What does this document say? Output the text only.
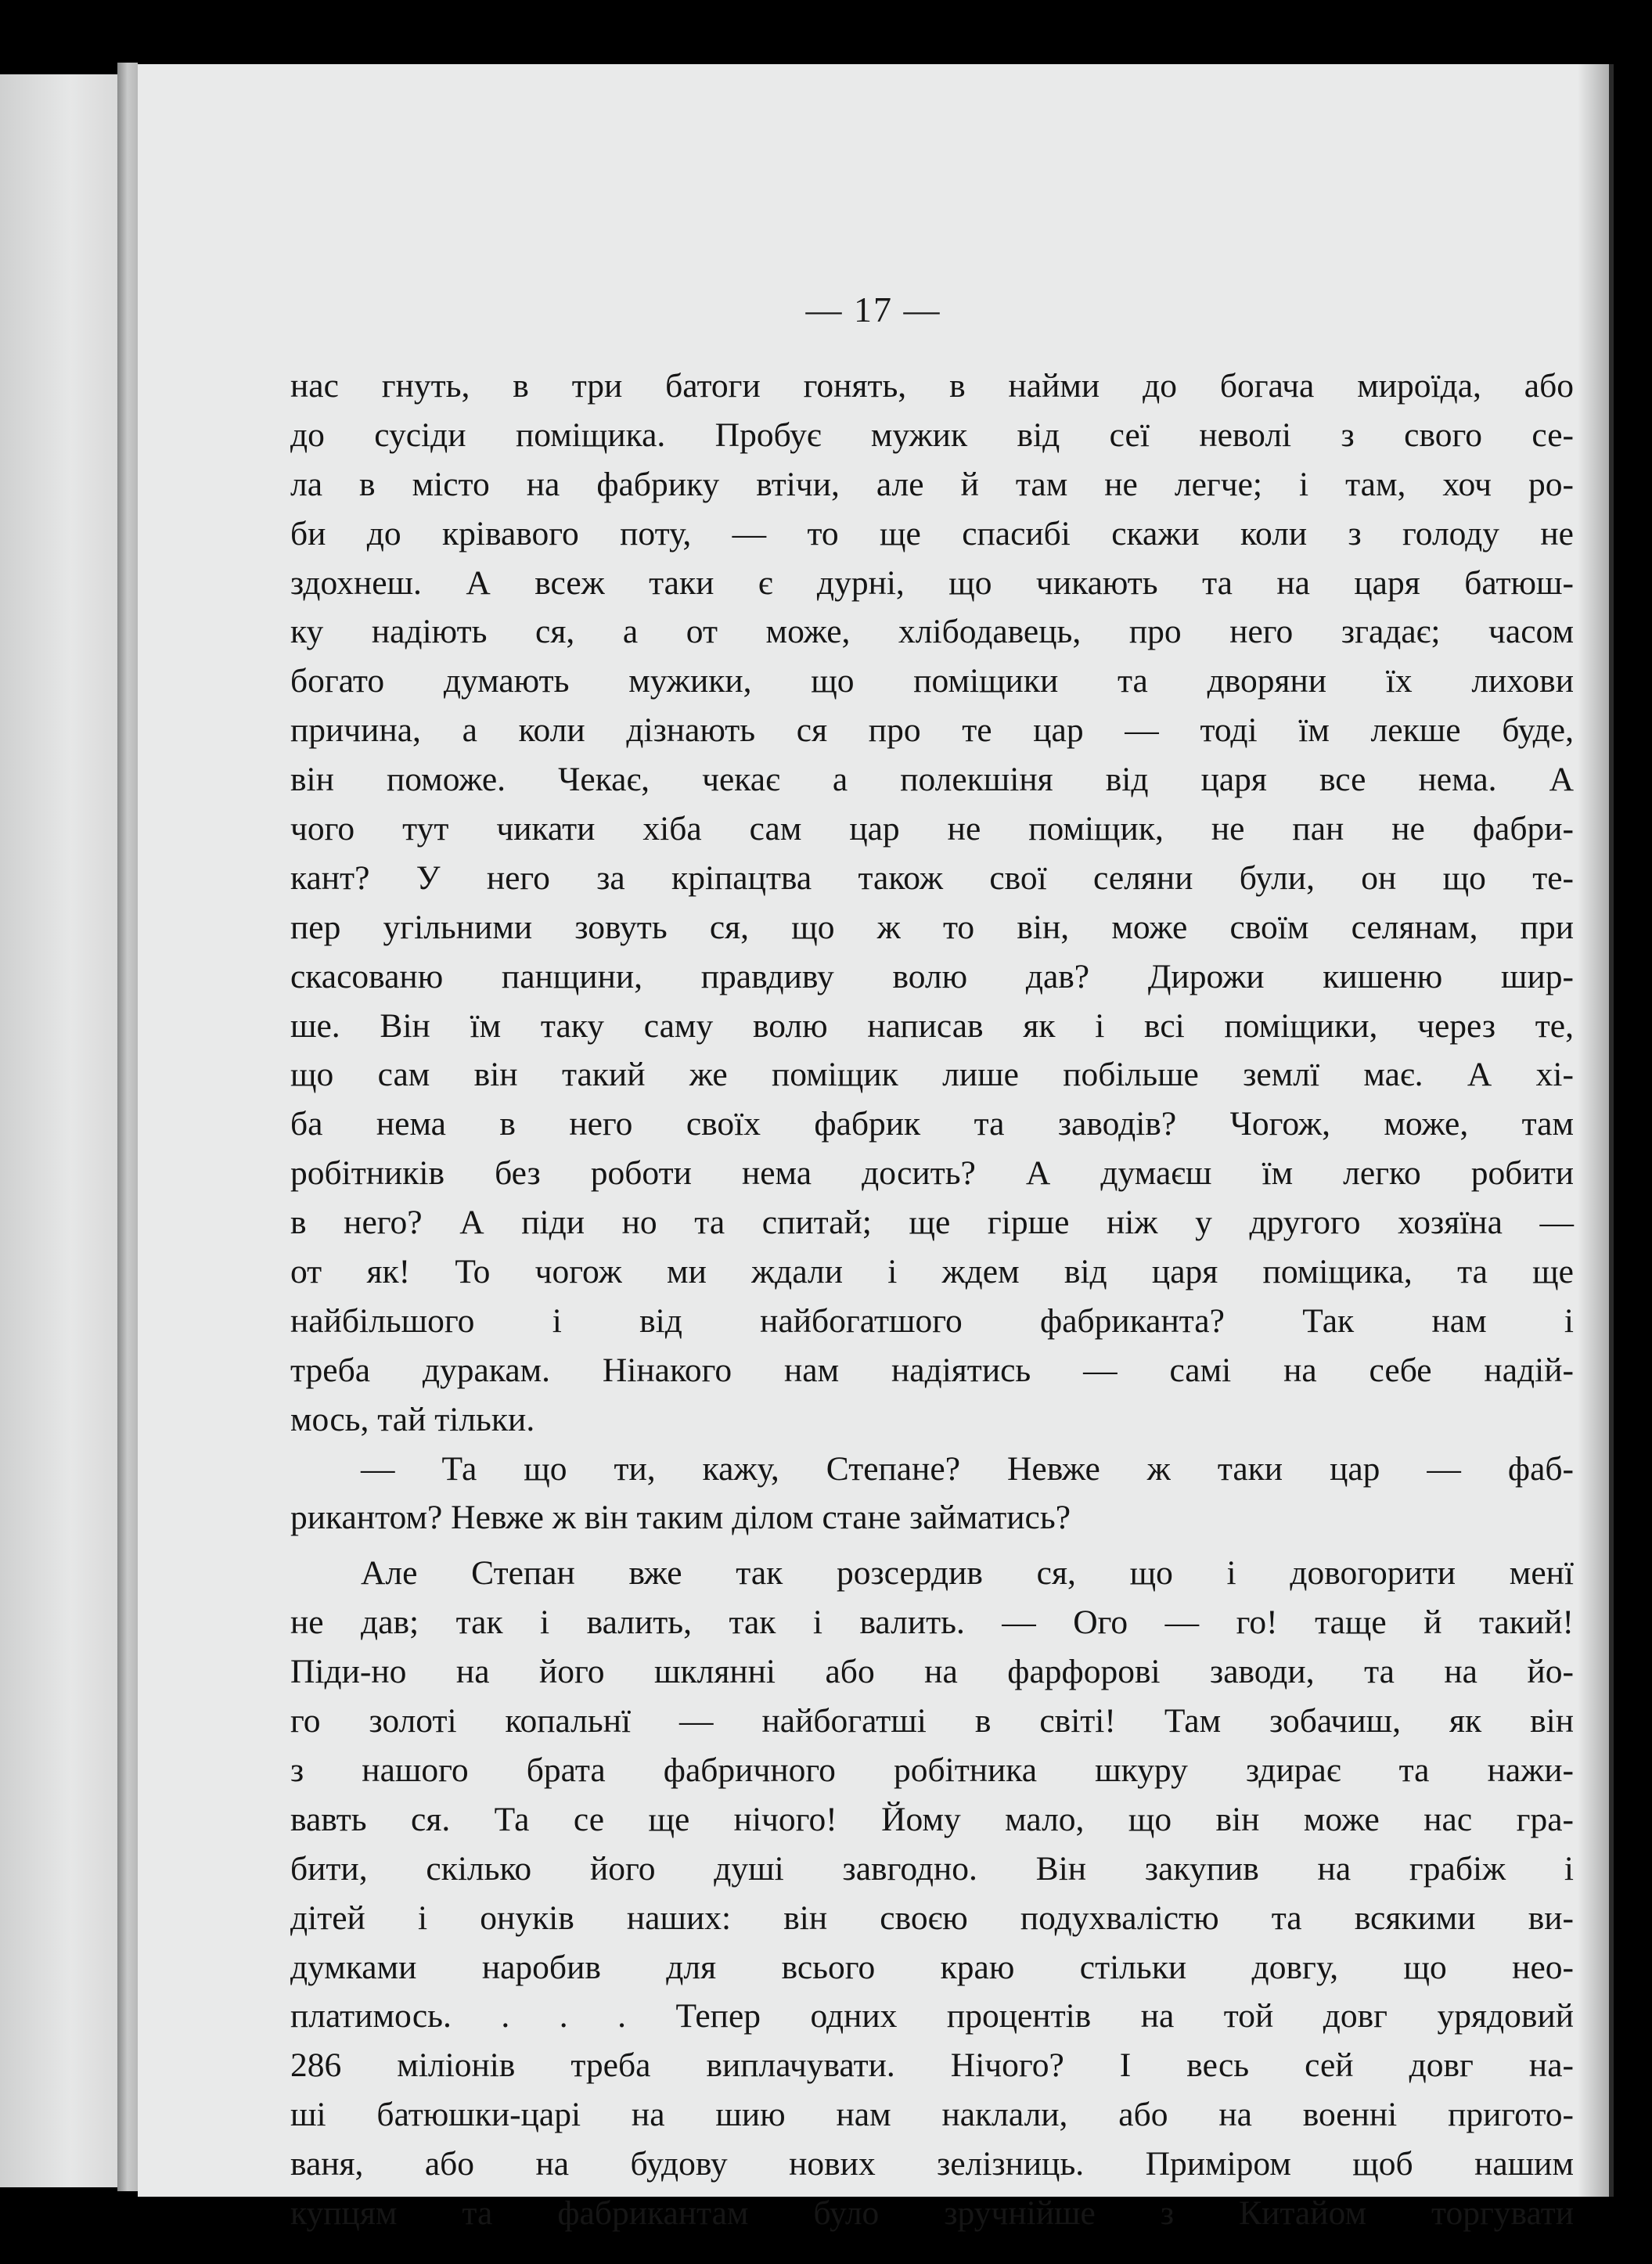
— 17 —

нас гнуть, в три батоги гонять, в найми до богача мироїда, або

до сусіди поміщика. Пробує мужик від сеї неволі з свого се-

ла в місто на фабрику втічи, але й там не легче; і там, хоч ро-

би до крівавого поту, — то ще спасибі скажи коли з голоду не

здохнеш. А всеж таки є дурні, що чикають та на царя батюш-

ку надіють ся, а от може, хлібодавець, про него згадає; часом

богато думають мужики, що поміщики та дворяни їх лихови

причина, а коли дізнають ся про те цар — тоді їм лекше буде,

він поможе. Чекає, чекає а полекшіня від царя все нема. А

чого тут чикати хіба сам цар не поміщик, не пан не фабри-

кант? У него за кріпацтва також свої селяни були, он що те-

пер угільними зовуть ся, що ж то він, може своїм селянам, при

скасованю панщини, правдиву волю дав? Дирожи кишеню шир-

ше. Він їм таку саму волю написав як і всі поміщики, через те,

що сам він такий же поміщик лише побільше землї має. А хі-

ба нема в него своїх фабрик та заводів? Чогож, може, там

робітників без роботи нема досить? А думаєш їм легко робити

в него? А піди но та спитай; ще гірше ніж у другого хозяїна —

от як! То чогож ми ждали і ждем від царя поміщика, та ще

найбільшого і від найбогатшого фабриканта? Так нам і

треба дуракам. Нінакого нам надіятись — самі на себе надій-

мось, тай тільки.

— Та що ти, кажу, Степане? Невже ж таки цар — фаб-

рикантом? Невже ж він таким ділом стане займатись?

Але Степан вже так розсердив ся, що і довогорити менї

не дав; так і валить, так і валить. — Ого — го! таще й такий!

Піди-но на його шклянні або на фарфорові заводи, та на йо-

го золоті копальнї — найбогатші в світі! Там зобачиш, як він

з нашого брата фабричного робітника шкуру здирає та нажи-

вавть ся. Та се ще нічого! Йому мало, що він може нас гра-

бити, скілько його душі завгодно. Він закупив на грабіж і

дітей і онуків наших: він своєю подухвалістю та всякими ви-

думками наробив для всього краю стільки довгу, що нео-

платимось. . . . Тепер одних процентів на той довг урядовий

286 міліонів треба виплачувати. Нічого? І весь сей довг на-

ші батюшки-царі на шию нам наклали, або на военні пригото-

ваня, або на будову нових зелізниць. Приміром щоб нашим

купцям та фабрикантам було зручнійше з Китайом торгувати
